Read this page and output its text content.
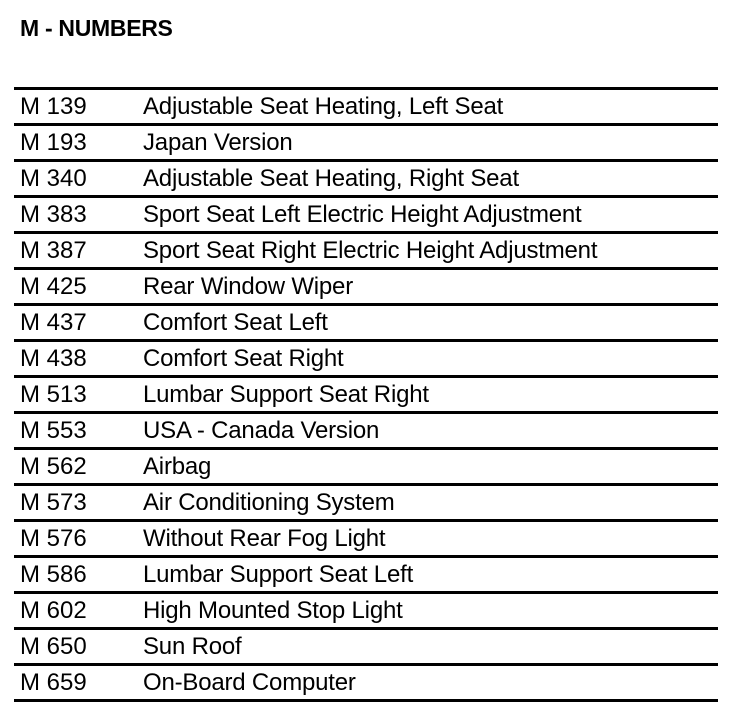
M - NUMBERS
M 139	Adjustable Seat Heating, Left Seat
M 193	Japan Version
M 340	Adjustable Seat Heating, Right Seat
M 383	Sport Seat Left Electric Height Adjustment
M 387	Sport Seat Right Electric Height Adjustment
M 425	Rear Window Wiper
M 437	Comfort Seat Left
M 438	Comfort Seat Right
M 513	Lumbar Support Seat Right
M 553	USA - Canada Version
M 562	Airbag
M 573	Air Conditioning System
M 576	Without Rear Fog Light
M 586	Lumbar Support Seat Left
M 602	High Mounted Stop Light
M 650	Sun Roof
M 659	On-Board Computer
